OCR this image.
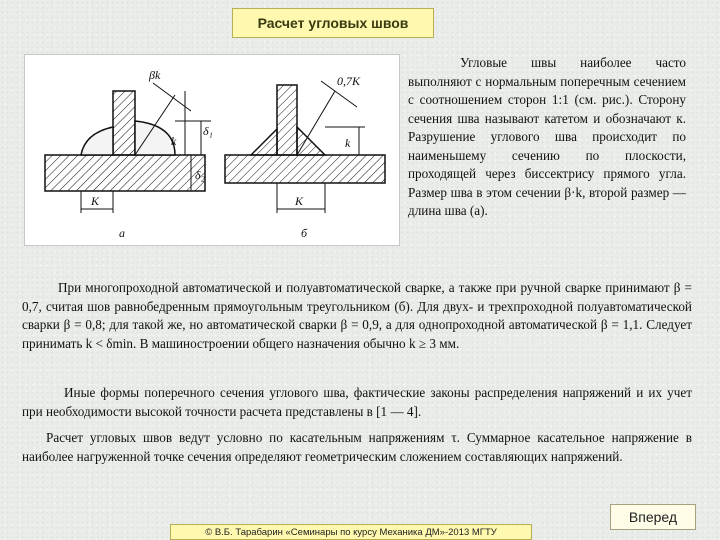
Расчет угловых швов
βk
k
δ₁
δ₂
K
а
0,7K
k
K
б
Угловые швы наиболее часто выполняют с нормальным поперечным сечением с соотношением сторон 1:1 (см. рис.). Сторону сечения шва называют катетом и обозначают к. Разрушение углового шва происходит по наименьшему сечению по плоскости, проходящей через биссектрису прямого угла. Размер шва в этом сечении β·k, второй размер — длина шва (а).
При многопроходной автоматической и полуавтоматической сварке, а также при ручной сварке принимают β = 0,7, считая шов равнобедренным прямоугольным треугольником (б). Для двух- и трехпроходной полуавтоматической сварки β = 0,8; для такой же, но автоматической сварки β = 0,9, а для однопроходной автоматической β = 1,1. Следует принимать k < δmin. В машиностроении общего назначения обычно k ≥ 3 мм.
Иные формы поперечного сечения углового шва, фактические законы распределения напряжений и их учет при необходимости высокой точности расчета представлены в [1 — 4].
Расчет угловых швов ведут условно по касательным напряжениям τ. Суммарное касательное напряжение в наиболее нагруженной точке сечения определяют геометрическим сложением составляющих напряжений.
Вперед
© В.Б. Тарабарин «Семинары по курсу Механика ДМ»-2013 МГТУ
